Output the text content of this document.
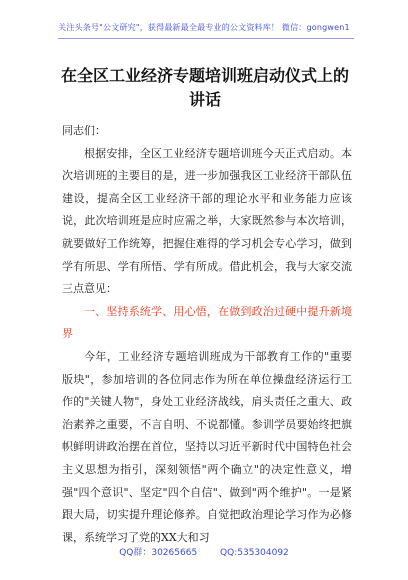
关注头条号"公文研究"，获得最新最全最专业的公文资料库！ 微信：gongwen1
在全区工业经济专题培训班启动仪式上的讲话

同志们：

根据安排，全区工业经济专题培训班今天正式启动。本次培训班的主要目的是，进一步加强我区工业经济干部队伍建设，提高全区工业经济干部的理论水平和业务能力应该说，此次培训班是应时应需之举，大家既然参与本次培训，就要做好工作统筹，把握住难得的学习机会专心学习，做到学有所思、学有所悟、学有所成。借此机会，我与大家交流三点意见：

一、坚持系统学、用心悟，在做到政治过硬中提升新境界

今年，工业经济专题培训班成为干部教育工作的"重要版块"，参加培训的各位同志作为所在单位操盘经济运行工作的"关键人物"，身处工业经济战线，肩头责任之重大、政治素养之重要，不言自明、不说都懂。参训学员要始终把旗帜鲜明讲政治摆在首位，坚持以习近平新时代中国特色社会主义思想为指引，深刻领悟"两个确立"的决定性意义，增强"四个意识"、坚定"四个自信"、做到"两个维护"。一是紧跟大局，切实提升理论修养。自觉把政治理论学习作为必修课，系统学习了党的XX大和习

QQ群：30265665	QQ:535304092
